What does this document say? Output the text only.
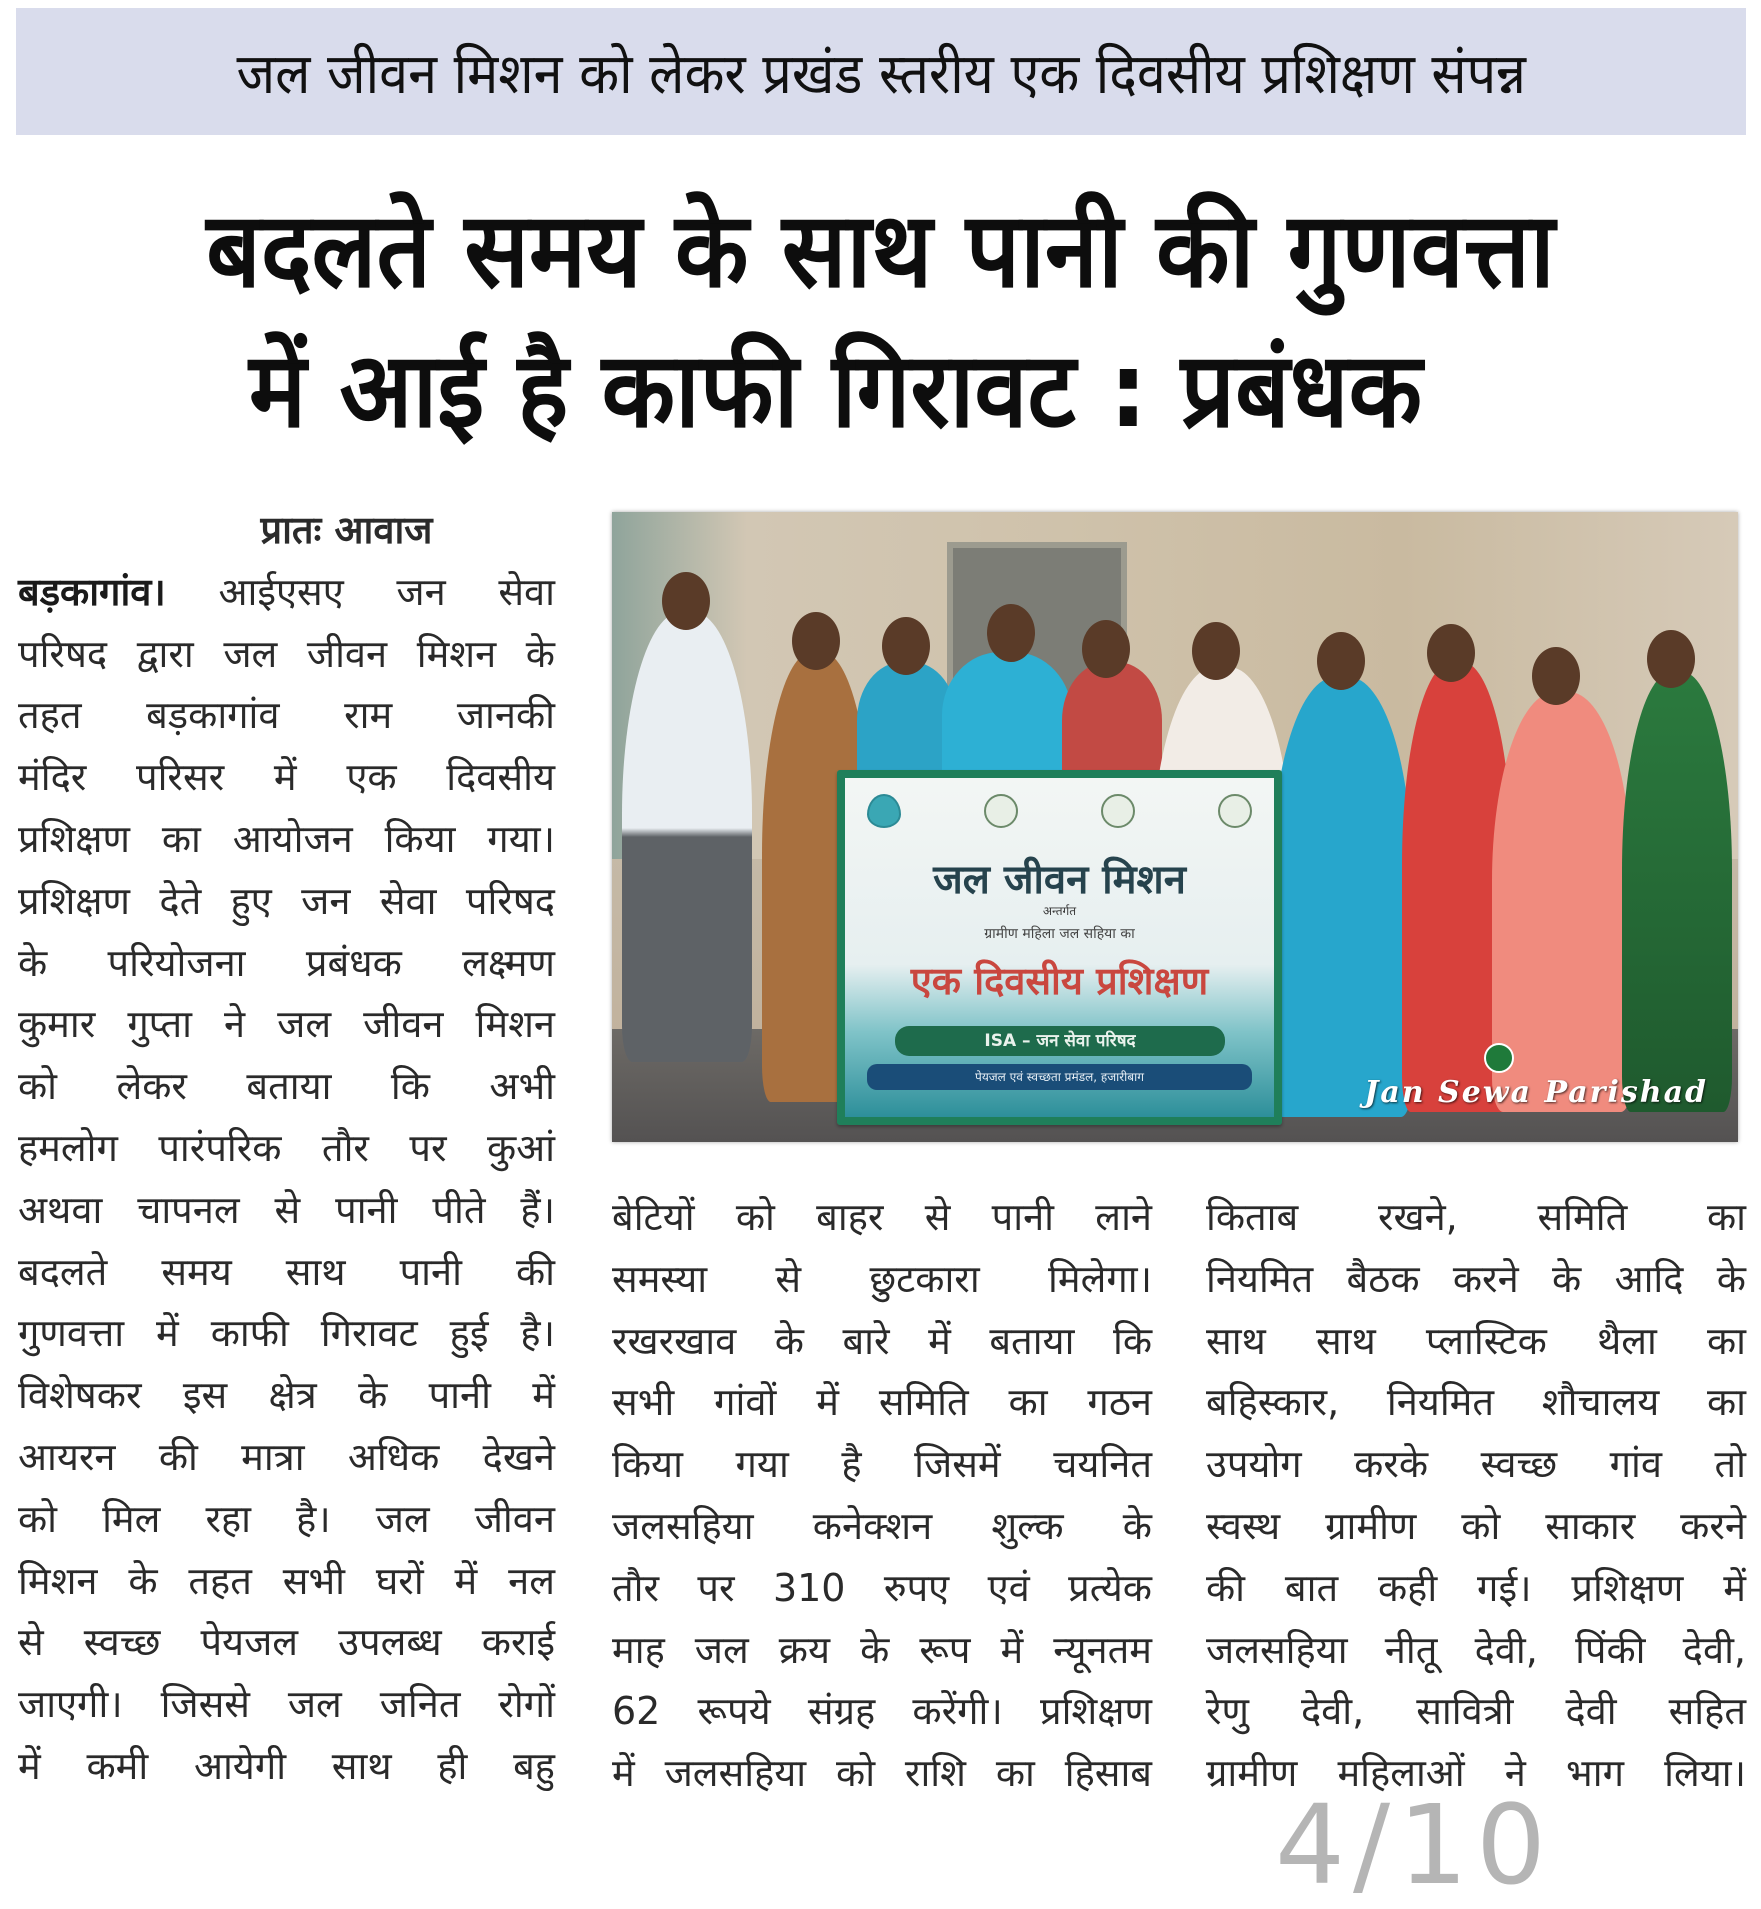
जल जीवन मिशन को लेकर प्रखंड स्तरीय एक दिवसीय प्रशिक्षण संपन्न
बदलते समय के साथ पानी की गुणवत्ता
में आई है काफी गिरावट : प्रबंधक
प्रातः आवाज
बड़कागांव। आईएसए जन सेवा
परिषद द्वारा जल जीवन मिशन के
तहत बड़कागांव राम जानकी
मंदिर परिसर में एक दिवसीय
प्रशिक्षण का आयोजन किया गया।
प्रशिक्षण देते हुए जन सेवा परिषद
के परियोजना प्रबंधक लक्ष्मण
कुमार गुप्ता ने जल जीवन मिशन
को लेकर बताया कि अभी
हमलोग पारंपरिक तौर पर कुआं
अथवा चापनल से पानी पीते हैं।
बदलते समय साथ पानी की
गुणवत्ता में काफी गिरावट हुई है।
विशेषकर इस क्षेत्र के पानी में
आयरन की मात्रा अधिक देखने
को मिल रहा है। जल जीवन
मिशन के तहत सभी घरों में नल
से स्वच्छ पेयजल उपलब्ध कराई
जाएगी। जिससे जल जनित रोगों
में कमी आयेगी साथ ही बहु
जल जीवन मिशन
अन्तर्गत
ग्रामीण महिला जल सहिया का
एक दिवसीय प्रशिक्षण
ISA – जन सेवा परिषद
पेयजल एवं स्वच्छता प्रमंडल, हजारीबाग	Jan Sewa Parishad
बेटियों को बाहर से पानी लाने
समस्या से छुटकारा मिलेगा।
रखरखाव के बारे में बताया कि
सभी गांवों में समिति का गठन
किया गया है जिसमें चयनित
जलसहिया कनेक्शन शुल्क के
तौर पर 310 रुपए एवं प्रत्येक
माह जल क्रय के रूप में न्यूनतम
62 रूपये संग्रह करेंगी। प्रशिक्षण
में जलसहिया को राशि का हिसाब
किताब रखने, समिति का
नियमित बैठक करने के आदि के
साथ साथ प्लास्टिक थैला का
बहिस्कार, नियमित शौचालय का
उपयोग करके स्वच्छ गांव तो
स्वस्थ ग्रामीण को साकार करने
की बात कही गई। प्रशिक्षण में
जलसहिया नीतू देवी, पिंकी देवी,
रेणु देवी, सावित्री देवी सहित
ग्रामीण महिलाओं ने भाग लिया।
4/10
